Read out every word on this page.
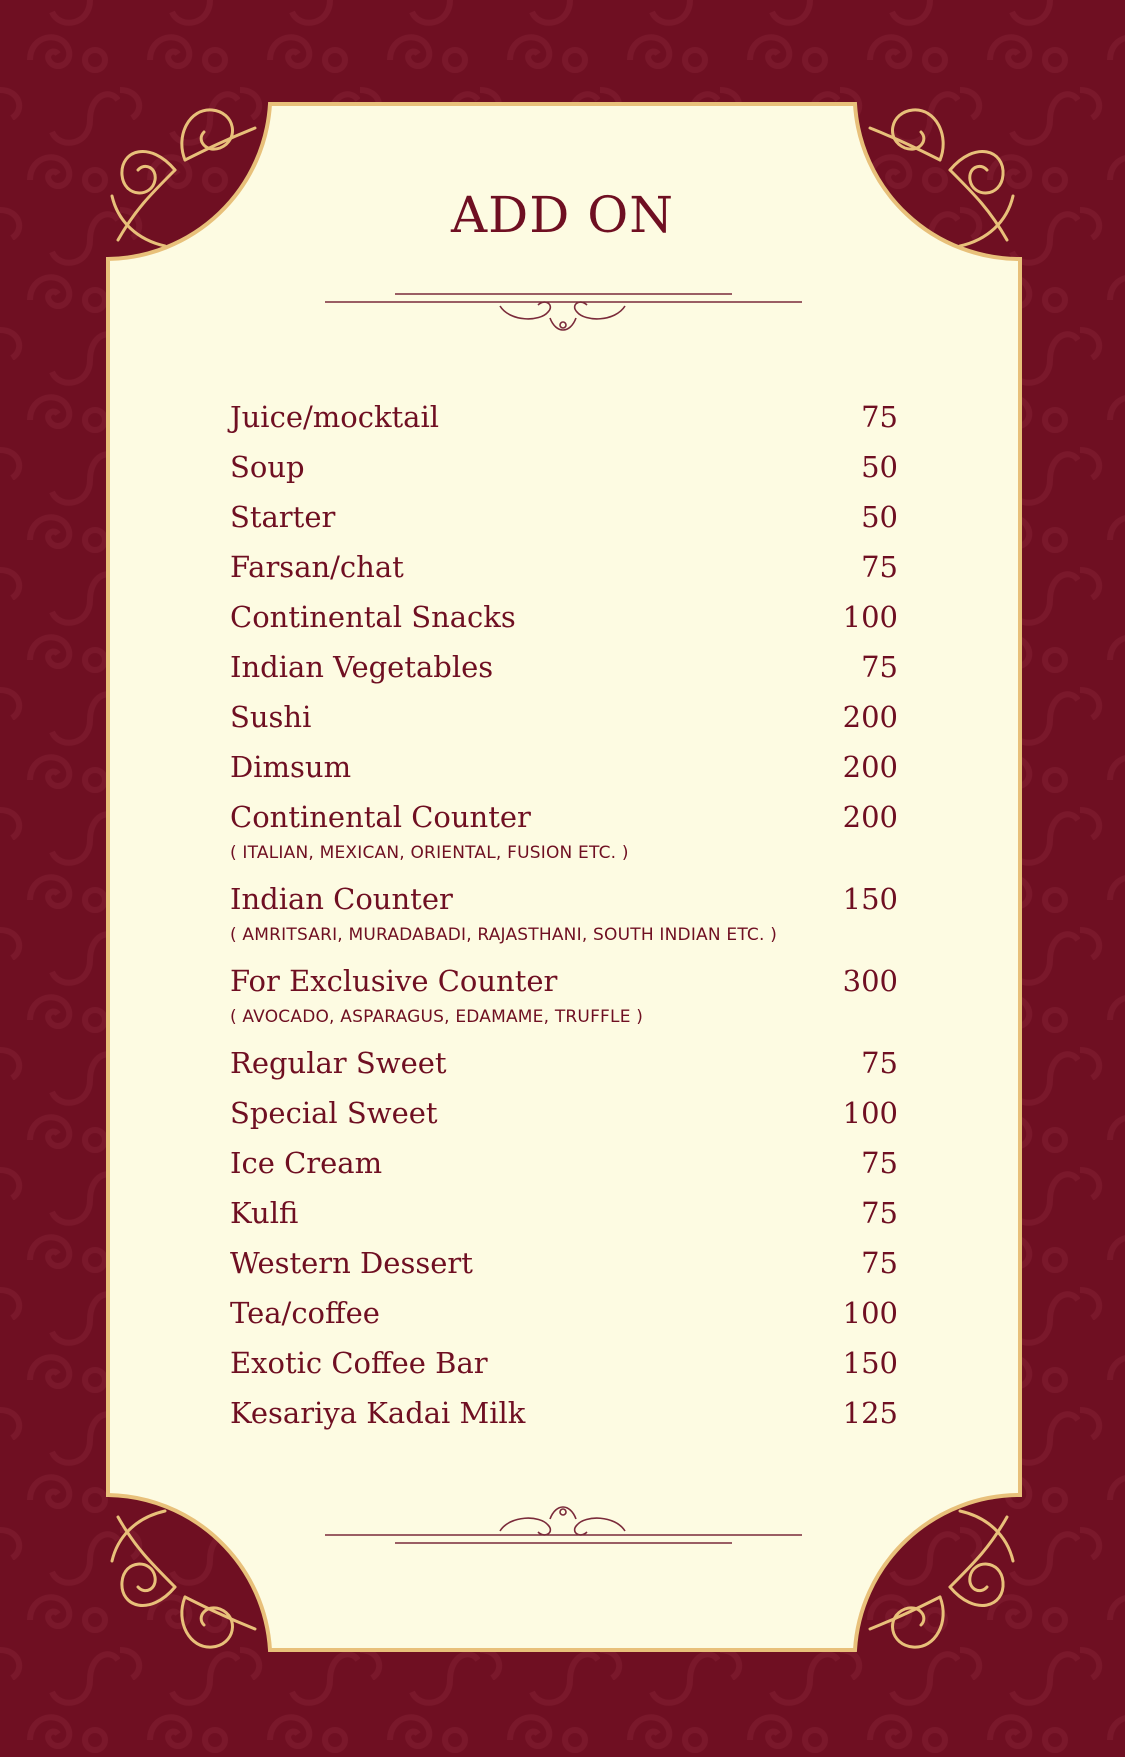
ADD ON
Juice/mocktail	75
Soup	50
Starter	50
Farsan/chat	75
Continental Snacks	100
Indian Vegetables	75
Sushi	200
Dimsum	200
Continental Counter	200
( ITALIAN, MEXICAN, ORIENTAL, FUSION ETC. )
Indian Counter	150
( AMRITSARI, MURADABADI, RAJASTHANI, SOUTH INDIAN ETC. )
For Exclusive Counter	300
( AVOCADO, ASPARAGUS, EDAMAME, TRUFFLE )
Regular Sweet	75
Special Sweet	100
Ice Cream	75
Kulfi	75
Western Dessert	75
Tea/coffee	100
Exotic Coffee Bar	150
Kesariya Kadai Milk	125
